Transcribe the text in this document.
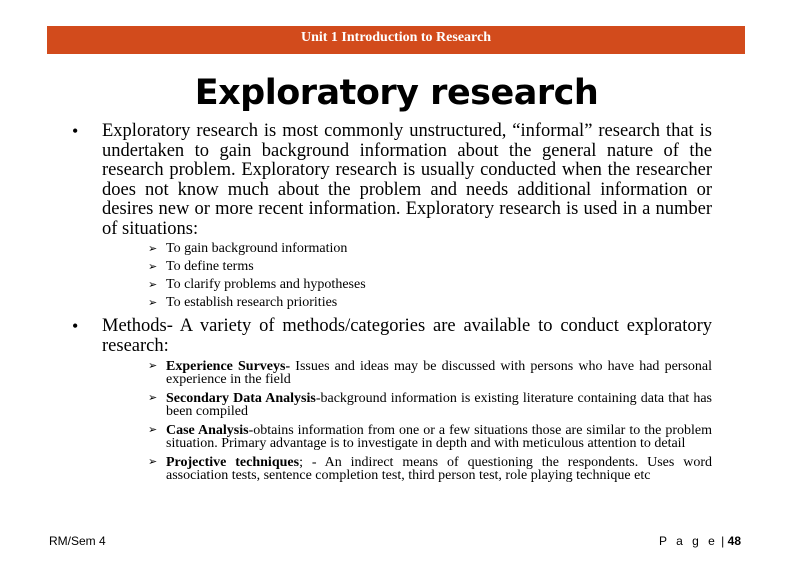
Unit 1 Introduction to Research
Exploratory research
• Exploratory research is most commonly unstructured, “informal” research that is undertaken to gain background information about the general nature of the research problem. Exploratory research is usually conducted when the researcher does not know much about the problem and needs additional information or desires new or more recent information. Exploratory research is used in a number of situations:
➢ To gain background information
➢ To define terms
➢ To clarify problems and hypotheses
➢ To establish research priorities
• Methods- A variety of methods/categories are available to conduct exploratory research:
➢ Experience Surveys- Issues and ideas may be discussed with persons who have had personal experience in the field
➢ Secondary Data Analysis-background information is existing literature containing data that has been compiled
➢ Case Analysis-obtains information from one or a few situations those are similar to the problem situation. Primary advantage is to investigate in depth and with meticulous attention to detail
➢ Projective techniques; - An indirect means of questioning the respondents. Uses word association tests, sentence completion test, third person test, role playing technique etc
RM/Sem 4	P a g e | 48
